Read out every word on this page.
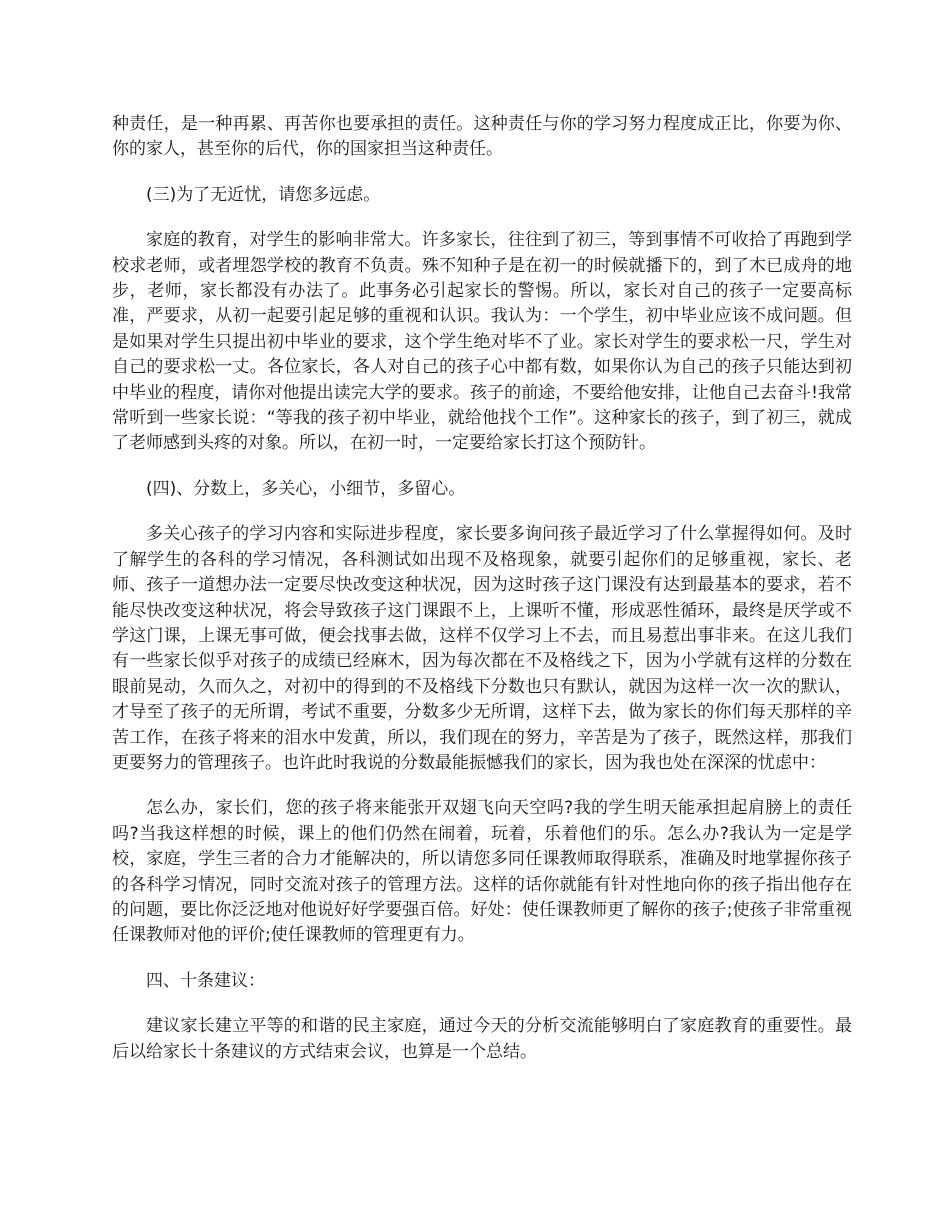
种责任，是一种再累、再苦你也要承担的责任。这种责任与你的学习努力程度成正比，你要为你、你的家人，甚至你的后代，你的国家担当这种责任。

(三)为了无近忧，请您多远虑。

家庭的教育，对学生的影响非常大。许多家长，往往到了初三，等到事情不可收拾了再跑到学校求老师，或者埋怨学校的教育不负责。殊不知种子是在初一的时候就播下的，到了木已成舟的地步，老师，家长都没有办法了。此事务必引起家长的警惕。所以，家长对自己的孩子一定要高标准，严要求，从初一起要引起足够的重视和认识。我认为：一个学生，初中毕业应该不成问题。但是如果对学生只提出初中毕业的要求，这个学生绝对毕不了业。家长对学生的要求松一尺，学生对自己的要求松一丈。各位家长，各人对自己的孩子心中都有数，如果你认为自己的孩子只能达到初中毕业的程度，请你对他提出读完大学的要求。孩子的前途，不要给他安排，让他自己去奋斗!我常常听到一些家长说：“等我的孩子初中毕业，就给他找个工作”。这种家长的孩子，到了初三，就成了老师感到头疼的对象。所以，在初一时，一定要给家长打这个预防针。

(四)、分数上，多关心，小细节，多留心。

多关心孩子的学习内容和实际进步程度，家长要多询问孩子最近学习了什么掌握得如何。及时了解学生的各科的学习情况，各科测试如出现不及格现象，就要引起你们的足够重视，家长、老师、孩子一道想办法一定要尽快改变这种状况，因为这时孩子这门课没有达到最基本的要求，若不能尽快改变这种状况，将会导致孩子这门课跟不上，上课听不懂，形成恶性循环，最终是厌学或不学这门课，上课无事可做，便会找事去做，这样不仅学习上不去，而且易惹出事非来。在这儿我们有一些家长似乎对孩子的成绩已经麻木，因为每次都在不及格线之下，因为小学就有这样的分数在眼前晃动，久而久之，对初中的得到的不及格线下分数也只有默认，就因为这样一次一次的默认，才导至了孩子的无所谓，考试不重要，分数多少无所谓，这样下去，做为家长的你们每天那样的辛苦工作，在孩子将来的泪水中发黄，所以，我们现在的努力，辛苦是为了孩子，既然这样，那我们更要努力的管理孩子。也许此时我说的分数最能振憾我们的家长，因为我也处在深深的忧虑中：

怎么办，家长们，您的孩子将来能张开双翅飞向天空吗?我的学生明天能承担起肩膀上的责任吗?当我这样想的时候，课上的他们仍然在闹着，玩着，乐着他们的乐。怎么办?我认为一定是学校，家庭，学生三者的合力才能解决的，所以请您多同任课教师取得联系，准确及时地掌握你孩子的各科学习情况，同时交流对孩子的管理方法。这样的话你就能有针对性地向你的孩子指出他存在的问题，要比你泛泛地对他说好好学要强百倍。好处：使任课教师更了解你的孩子;使孩子非常重视任课教师对他的评价;使任课教师的管理更有力。

四、十条建议：

建议家长建立平等的和谐的民主家庭，通过今天的分析交流能够明白了家庭教育的重要性。最后以给家长十条建议的方式结束会议，也算是一个总结。
